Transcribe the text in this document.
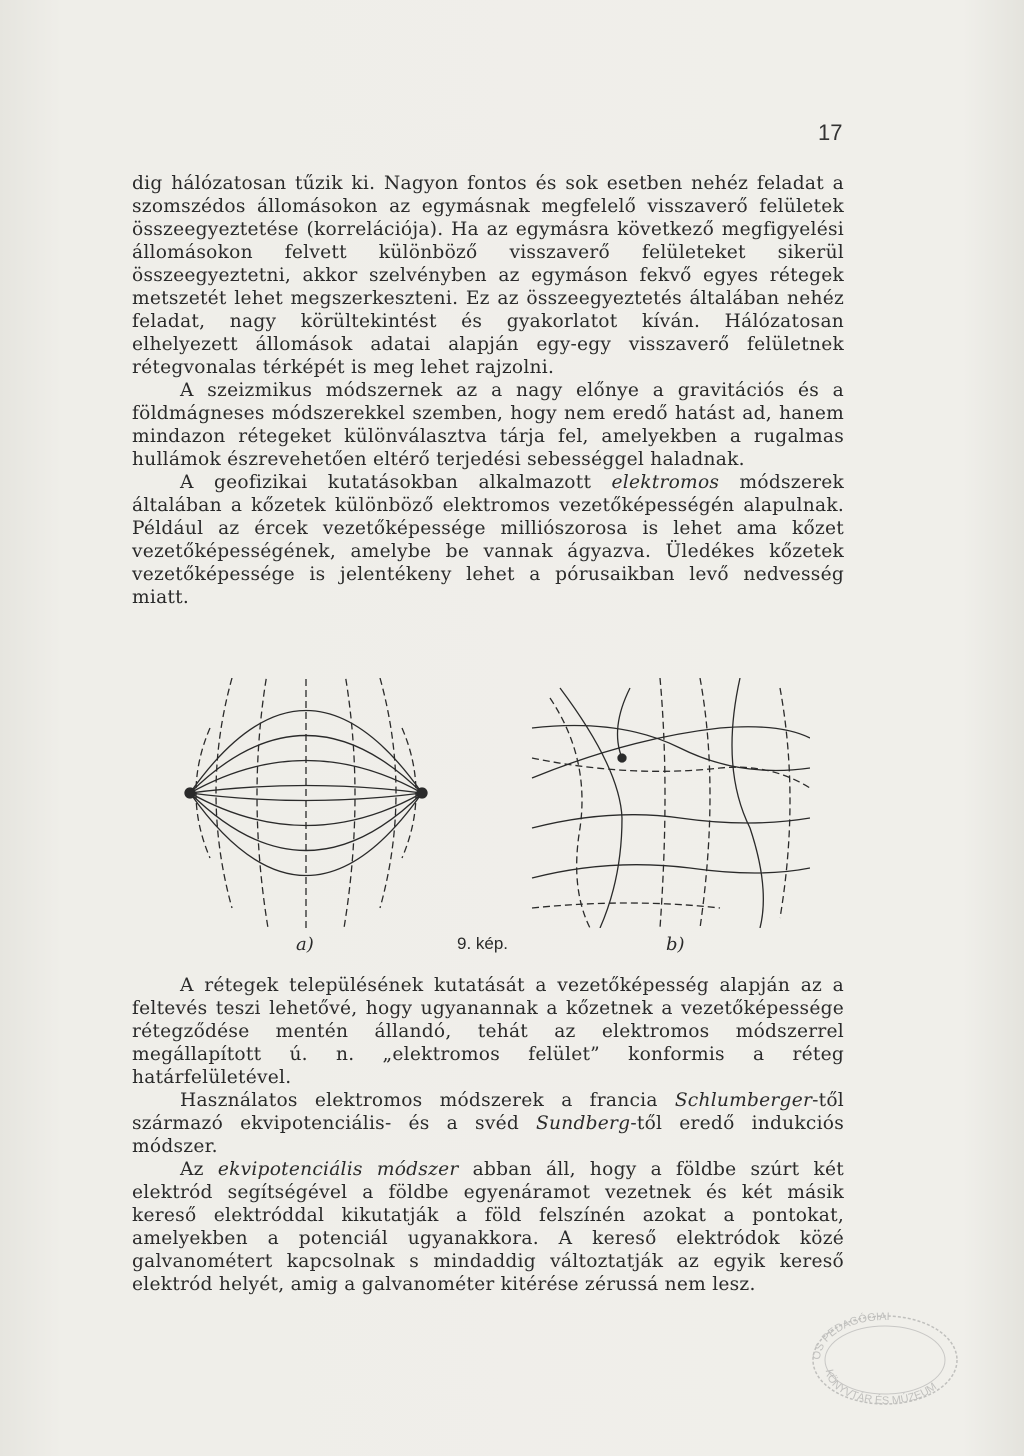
17

dig hálózatosan tűzik ki. Nagyon fontos és sok esetben nehéz feladat a szomszédos állomásokon az egymásnak megfelelő visszaverő felületek összeegyeztetése (korrelációja). Ha az egymásra következő megfigyelési állomásokon felvett különböző visszaverő felületeket sikerül összeegyeztetni, akkor szelvényben az egymáson fekvő egyes rétegek metszetét lehet megszerkeszteni. Ez az összeegyeztetés általában nehéz feladat, nagy körültekintést és gyakorlatot kíván. Hálózatosan elhelyezett állomások adatai alapján egy-egy visszaverő felületnek rétegvonalas térképét is meg lehet rajzolni.

A szeizmikus módszernek az a nagy előnye a gravitációs és a földmágneses módszerekkel szemben, hogy nem eredő hatást ad, hanem mindazon rétegeket különválasztva tárja fel, amelyekben a rugalmas hullámok észrevehetően eltérő terjedési sebességgel haladnak.

A geofizikai kutatásokban alkalmazott elektromos módszerek általában a kőzetek különböző elektromos vezetőképességén alapulnak. Például az ércek vezetőképessége milliószorosa is lehet ama kőzet vezetőképességének, amelybe be vannak ágyazva. Üledékes kőzetek vezetőképessége is jelentékeny lehet a pórusaikban levő nedvesség miatt.

a)	9. kép.	b)

A rétegek településének kutatását a vezetőképesség alapján az a feltevés teszi lehetővé, hogy ugyanannak a kőzetnek a vezetőképessége rétegződése mentén állandó, tehát az elektromos módszerrel megállapított ú. n. „elektromos felület” konformis a réteg határfelületével.

Használatos elektromos módszerek a francia Schlumberger-től származó ekvipotenciális- és a svéd Sundberg-től eredő indukciós módszer.

Az ekvipotenciális módszer abban áll, hogy a földbe szúrt két elektród segítségével a földbe egyenáramot vezetnek és két másik kereső elektróddal kikutatják a föld felszínén azokat a pontokat, amelyekben a potenciál ugyanakkora. A kereső elektródok közé galvanométert kapcsolnak s mindaddig változtatják az egyik kereső elektród helyét, amig a galvanométer kitérése zérussá nem lesz.

OS PEDAGÓGIAI
KÖNYVTÁR ÉS MÚZEUM
